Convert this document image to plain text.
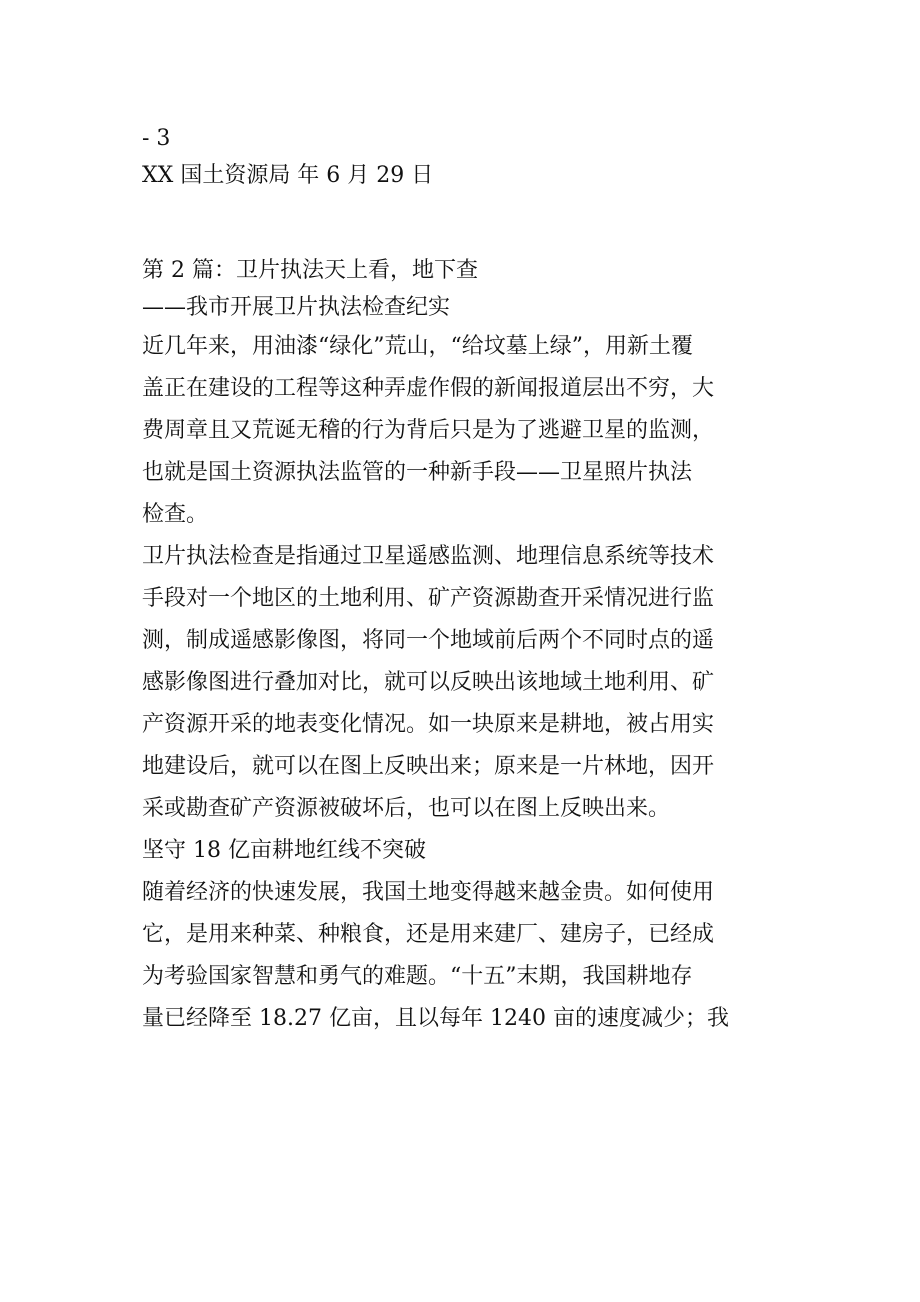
- 3
XX 国土资源局 年 6 月 29 日
第 2 篇：卫片执法天上看，地下查
——我市开展卫片执法检查纪实
近几年来，用油漆“绿化”荒山，“给坟墓上绿”，用新土覆
盖正在建设的工程等这种弄虚作假的新闻报道层出不穷，大
费周章且又荒诞无稽的行为背后只是为了逃避卫星的监测，
也就是国土资源执法监管的一种新手段——卫星照片执法
检查。
卫片执法检查是指通过卫星遥感监测、地理信息系统等技术
手段对一个地区的土地利用、矿产资源勘查开采情况进行监
测，制成遥感影像图，将同一个地域前后两个不同时点的遥
感影像图进行叠加对比，就可以反映出该地域土地利用、矿
产资源开采的地表变化情况。如一块原来是耕地，被占用实
地建设后，就可以在图上反映出来；原来是一片林地，因开
采或勘查矿产资源被破坏后，也可以在图上反映出来。
坚守 18 亿亩耕地红线不突破
随着经济的快速发展，我国土地变得越来越金贵。如何使用
它，是用来种菜、种粮食，还是用来建厂、建房子，已经成
为考验国家智慧和勇气的难题。“十五”末期，我国耕地存
量已经降至 18.27 亿亩，且以每年 1240 亩的速度减少；我
